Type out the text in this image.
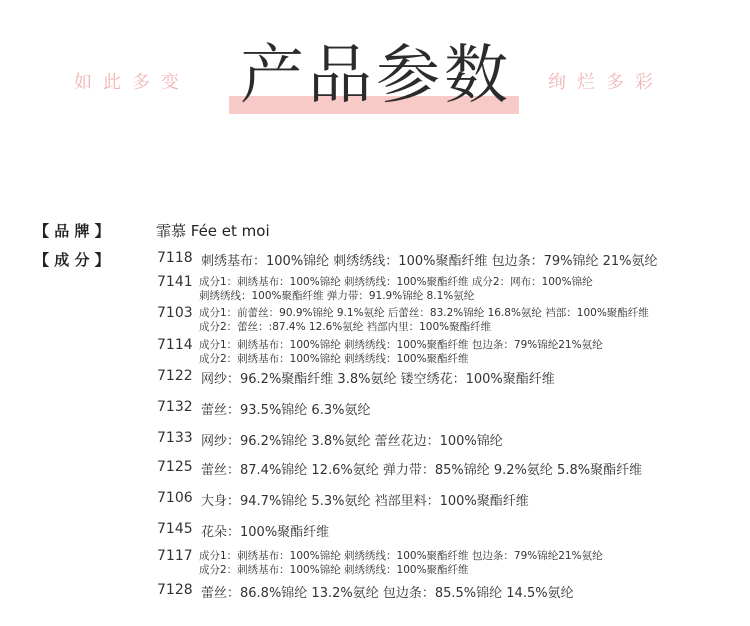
如此多变 产品参数	绚烂多彩
【 品 牌 】	霏慕 Fée et moi
【 成 分 】	7118 刺绣基布：100%锦纶 刺绣绣线：100%聚酯纤维 包边条：79%锦纶 21%氨纶
7141 成分1：刺绣基布：100%锦纶 刺绣绣线：100%聚酯纤维 成分2：网布：100%锦纶
刺绣绣线：100%聚酯纤维 弹力带：91.9%锦纶 8.1%氨纶
7103 成分1：前蕾丝：90.9%锦纶 9.1%氨纶 后蕾丝：83.2%锦纶 16.8%氨纶 裆部：100%聚酯纤维
成分2：蕾丝：:87.4% 12.6%氨纶 裆部内里：100%聚酯纤维
7114 成分1：刺绣基布：100%锦纶 刺绣绣线：100%聚酯纤维 包边条：79%锦纶21%氨纶
成分2：刺绣基布：100%锦纶 刺绣绣线：100%聚酯纤维
7122 网纱：96.2%聚酯纤维 3.8%氨纶 镂空绣花：100%聚酯纤维
7132 蕾丝：93.5%锦纶 6.3%氨纶
7133 网纱：96.2%锦纶 3.8%氨纶 蕾丝花边：100%锦纶
7125 蕾丝：87.4%锦纶 12.6%氨纶 弹力带：85%锦纶 9.2%氨纶 5.8%聚酯纤维
7106 大身：94.7%锦纶 5.3%氨纶 裆部里料：100%聚酯纤维
7145 花朵：100%聚酯纤维
7117 成分1：刺绣基布：100%锦纶 刺绣绣线：100%聚酯纤维 包边条：79%锦纶21%氨纶
成分2：刺绣基布：100%锦纶 刺绣绣线：100%聚酯纤维
7128 蕾丝：86.8%锦纶 13.2%氨纶 包边条：85.5%锦纶 14.5%氨纶
